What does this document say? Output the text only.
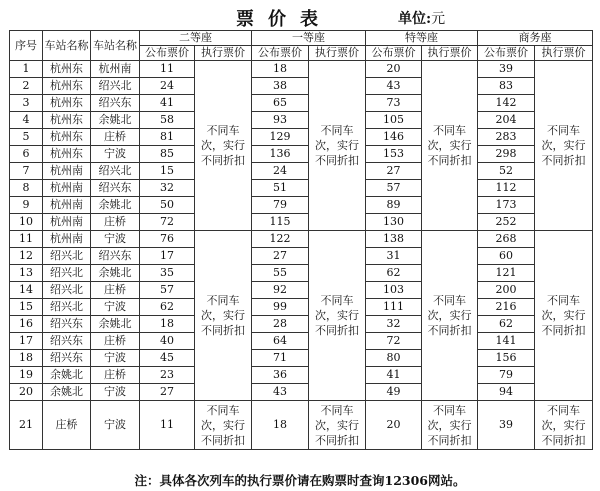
票价表	单位:元
序号	车站名称	车站名称	二等座		一等座		特等座		商务座	
			公布票价	执行票价	公布票价	执行票价	公布票价	执行票价	公布票价	执行票价
1	杭州东	杭州南	11	不同车
次，实行
不同折扣	18	不同车
次，实行
不同折扣	20	不同车
次，实行
不同折扣	39	不同车
次，实行
不同折扣

2	杭州东	绍兴北	24		38		43		83	
3	杭州东	绍兴东	41		65		73		142	
4	杭州东	余姚北	58		93		105		204	
5	杭州东	庄桥	81		129		146		283	
6	杭州东	宁波	85		136		153		298	
7	杭州南	绍兴北	15		24		27		52	
8	杭州南	绍兴东	32		51		57		112	
9	杭州南	余姚北	50		79		89		173	
10	杭州南	庄桥	72		115		130		252	
11	杭州南	宁波	76	不同车
次，实行
不同折扣	122	不同车
次，实行
不同折扣	138	不同车
次，实行
不同折扣	268	不同车
次，实行
不同折扣

12	绍兴北	绍兴东	17		27		31		60	
13	绍兴北	余姚北	35		55		62		121	
14	绍兴北	庄桥	57		92		103		200	
15	绍兴北	宁波	62		99		111		216	
16	绍兴东	余姚北	18		28		32		62	
17	绍兴东	庄桥	40		64		72		141	
18	绍兴东	宁波	45		71		80		156	
19	余姚北	庄桥	23		36		41		79	
20	余姚北	宁波	27		43		49		94	
21	庄桥	宁波	11	不同车
次，实行
不同折扣	18	不同车
次，实行
不同折扣	20	不同车
次，实行
不同折扣	39	不同车
次，实行
不同折扣
注：具体各次列车的执行票价请在购票时查询12306网站。
